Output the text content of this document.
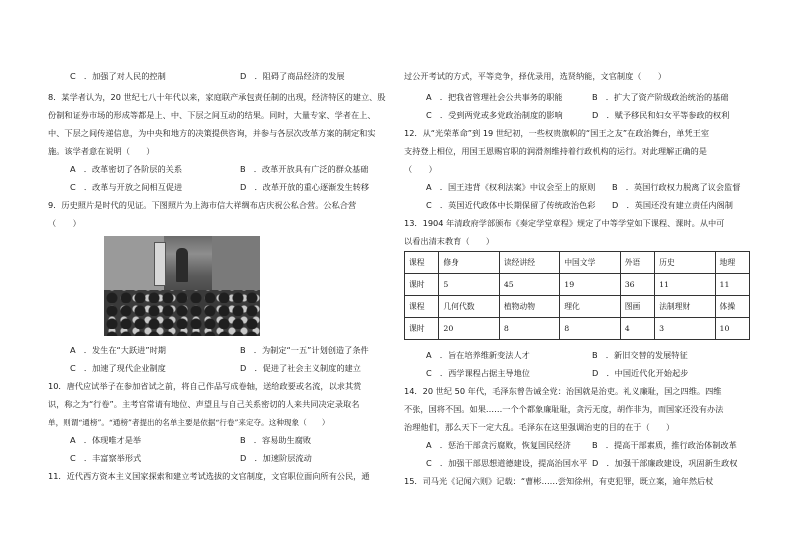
C　．加强了对人民的控制	D　．阻碍了商品经济的发展
8．某学者认为，20 世纪七八十年代以来，家庭联产承包责任制的出现，经济特区的建立、股
份制和证券市场的形成等都是上、中、下层之间互动的结果。同时，大量专家、学者在上、
中、下层之间传递信息，为中央和地方的决策提供咨询，并参与各层次改革方案的制定和实
施。该学者意在说明（　　）
A　．改革密切了各阶层的关系	B　．改革开放具有广泛的群众基础
C　．改革与开放之间相互促进	D　．改革开放的重心逐渐发生转移
9．历史照片是时代的见证。下图照片为上海市信大祥绸布店庆祝公私合营。公私合营
（　　）
A　．发生在“大跃进”时期	B　．为制定“一五”计划创造了条件
C　．加速了现代企业制度	D　．促进了社会主义制度的建立
10．唐代应试举子在参加省试之前，将自己作品写成卷轴，送给政要或名流，以求其赏
识，称之为“行卷”。主考官常请有地位、声望且与自己关系密切的人来共同决定录取名
单，则谓“通榜”。“通榜”者提出的名单主要是依据“行卷”来定夺。这种现象（　　）
A　．体现唯才是举	B　．容易助生腐败
C　．丰富察举形式	D　．加速阶层流动
11．近代西方资本主义国家探索和建立考试选拔的文官制度，文官职位面向所有公民，通
过公开考试的方式，平等竞争，择优录用，选贤纳能，文官制度（　　）
A　．把我省管理社会公共事务的职能	B　．扩大了资产阶级政治统治的基础
C　．受到两党或多党政治制度的影响	D　．赋予移民和妇女平等参政的权利
12．从“光荣革命”到 19 世纪初，一些权贵旗帜的“国王之友”在政治舞台，单凭王室
支持登上相位，用国王恩赐官职的润滑剂维持着行政机构的运行。对此理解正确的是
（　　）
A　．国王违背《权利法案》中议会至上的原则 B　．英国行政权力脱离了议会监督
C　．英国近代政体中长期保留了传统政治色彩 D　．英国还没有建立责任内阁制
13．1904 年清政府学部颁布《奏定学堂章程》规定了中等学堂如下课程、课时。从中可
以看出清末教育（　　）
课程	修身	读经讲经	中国文学	外语	历史	地理
课时	5	45	19	36	11	11
课程	几何代数	植物动物	理化	图画	法制理财	体操
课时	20	8	8	4	3	10
A　．旨在培养维新变法人才	B　．新旧交替的发展特征
C　．西学课程占据主导地位	D　．中国近代化开始起步
14．20 世纪 50 年代，毛泽东曾告诫全党：治国就是治吏。礼义廉耻，国之四维。四维
不张，国将不国。如果……一个个都象廉耻耻，贪污无度，胡作非为，而国家还没有办法
治理他们，那么天下一定大乱。毛泽东在这里强调治吏的目的在于（　　）
A　．惩治干部贪污腐败，恢复国民经济	B　．提高干部素质，推行政治体制改革
C　．加强干部思想道德建设，提高治国水平 D　．加强干部廉政建设，巩固新生政权
15．司马光《记闻六则》记载：“曹彬……尝知徐州，有吏犯罪，既立案，逾年然后杖
